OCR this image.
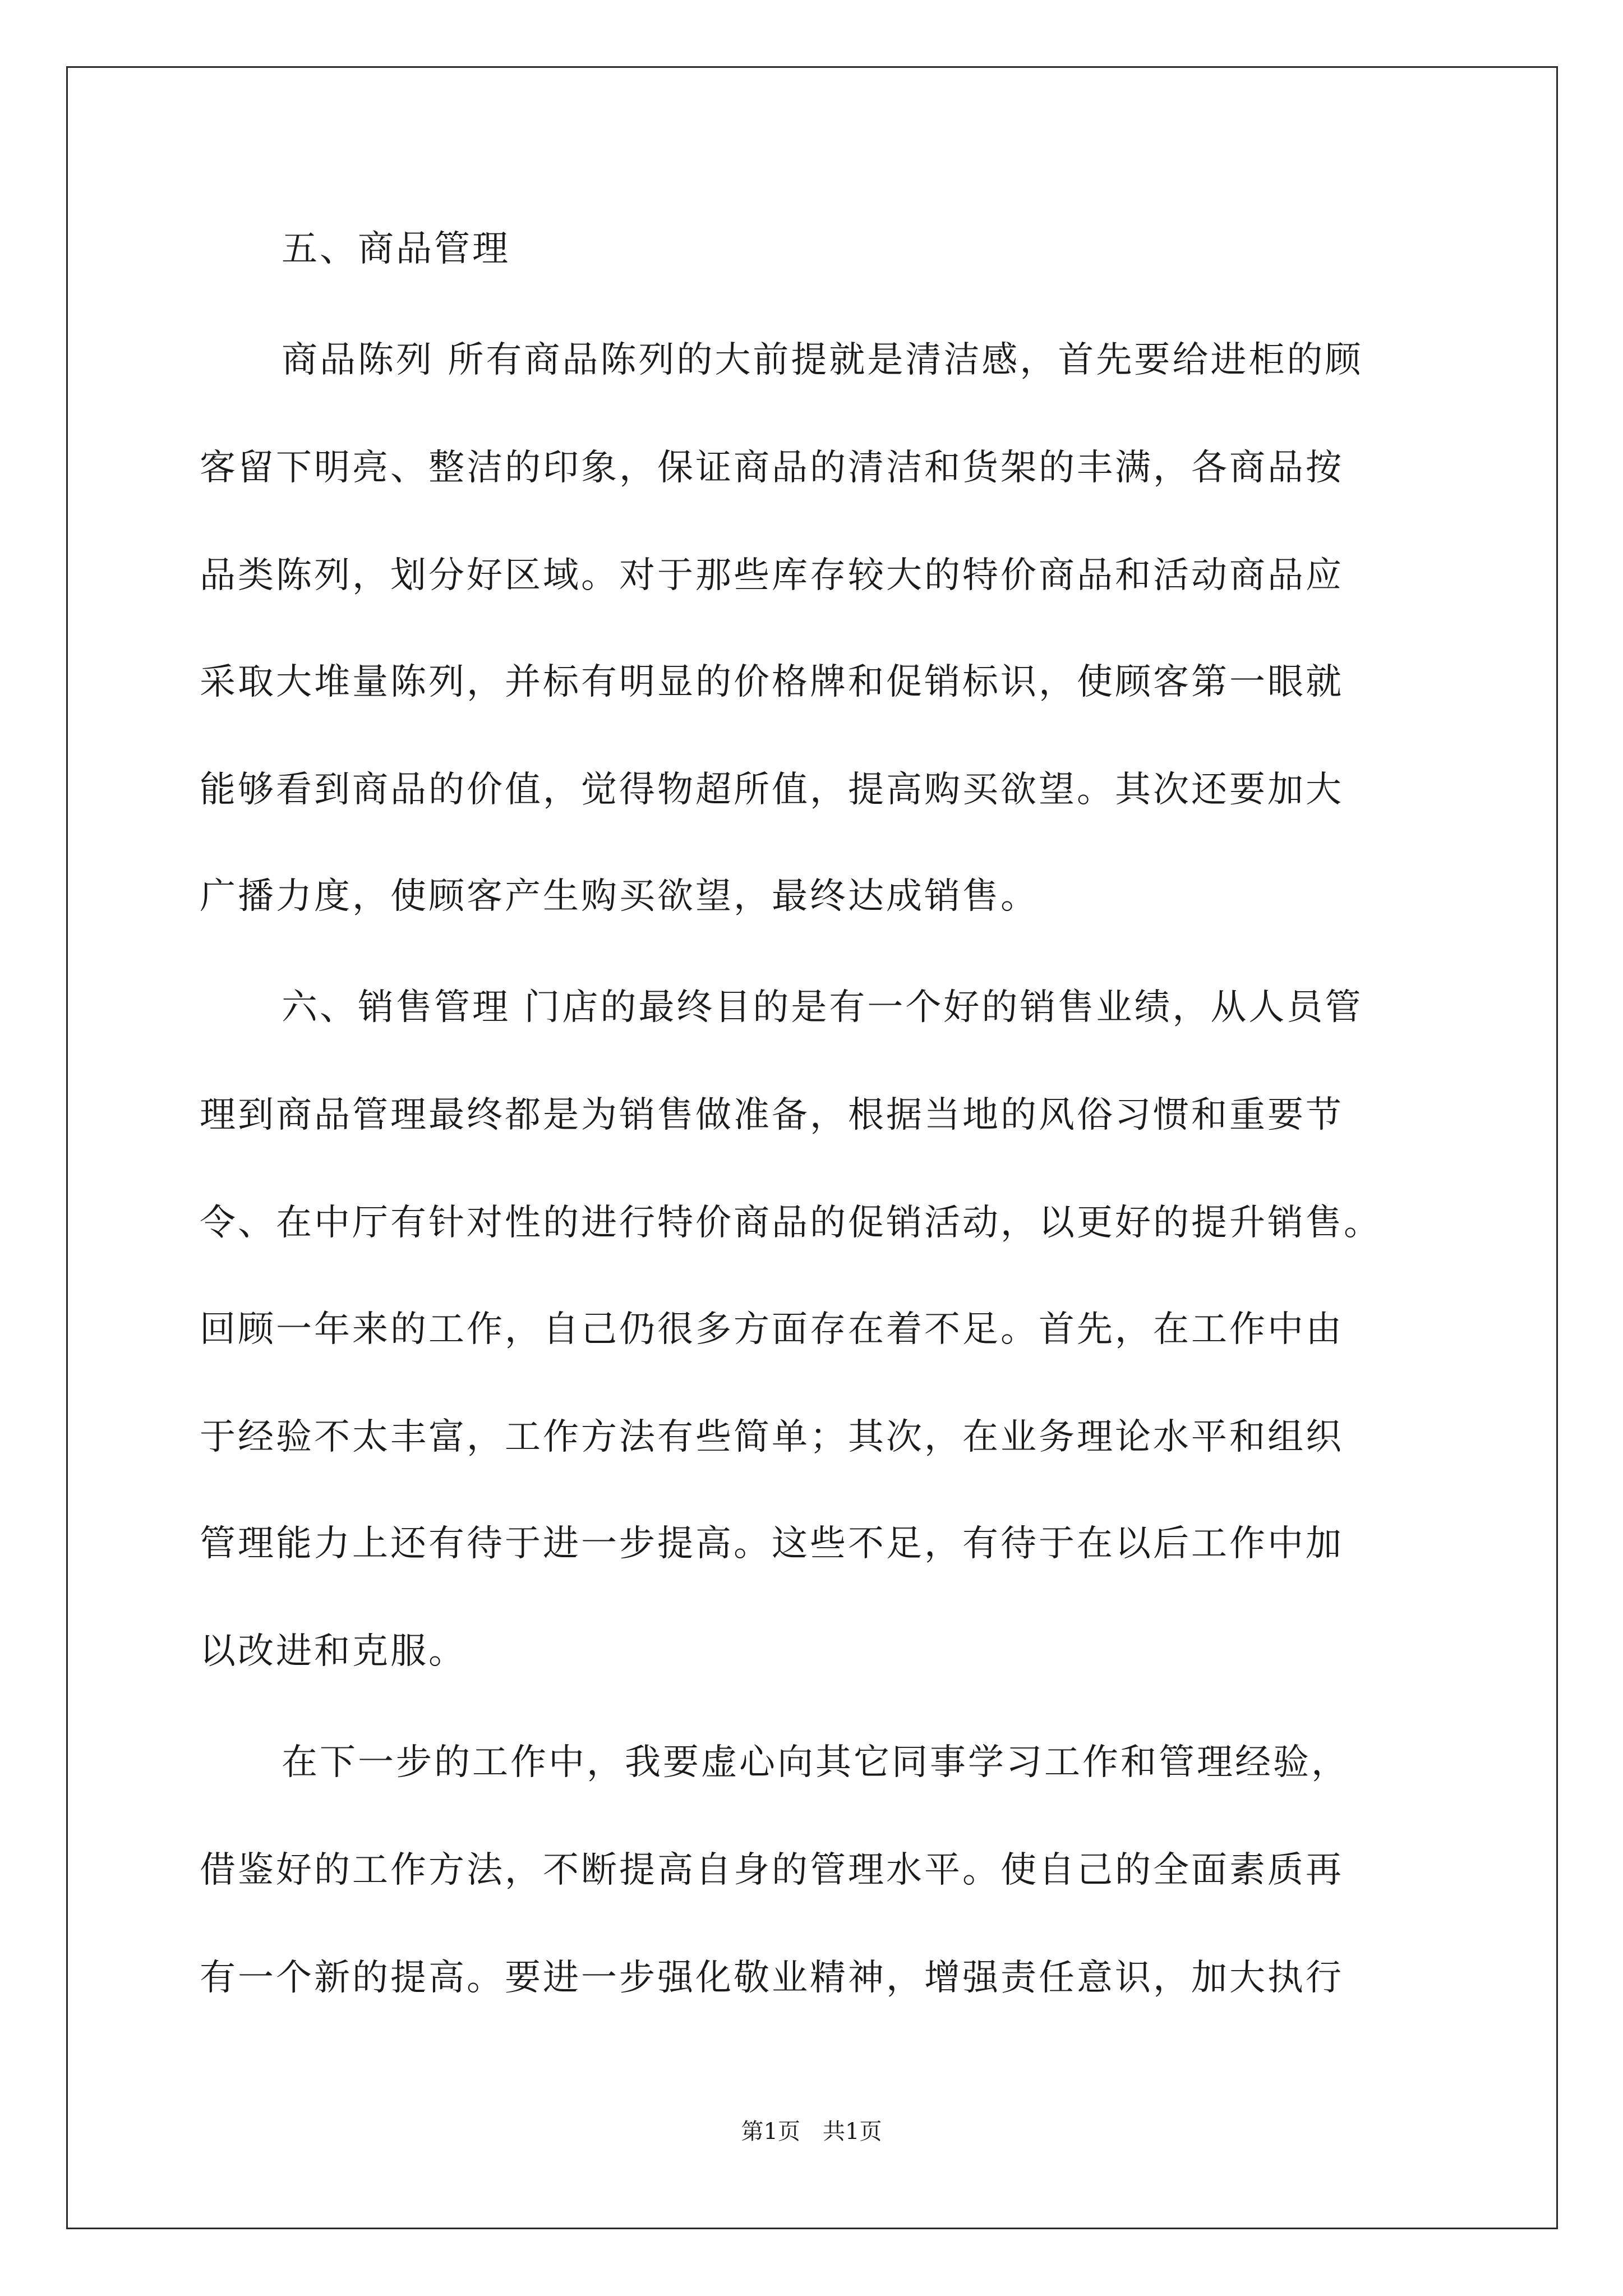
五、商品管理
商品陈列 所有商品陈列的大前提就是清洁感，首先要给进柜的顾
客留下明亮、整洁的印象，保证商品的清洁和货架的丰满，各商品按
品类陈列，划分好区域。对于那些库存较大的特价商品和活动商品应
采取大堆量陈列，并标有明显的价格牌和促销标识，使顾客第一眼就
能够看到商品的价值，觉得物超所值，提高购买欲望。其次还要加大
广播力度，使顾客产生购买欲望，最终达成销售。
六、销售管理 门店的最终目的是有一个好的销售业绩，从人员管
理到商品管理最终都是为销售做准备，根据当地的风俗习惯和重要节
令、在中厅有针对性的进行特价商品的促销活动，以更好的提升销售。
回顾一年来的工作，自己仍很多方面存在着不足。首先，在工作中由
于经验不太丰富，工作方法有些简单；其次，在业务理论水平和组织
管理能力上还有待于进一步提高。这些不足，有待于在以后工作中加
以改进和克服。
在下一步的工作中，我要虚心向其它同事学习工作和管理经验，
借鉴好的工作方法，不断提高自身的管理水平。使自己的全面素质再
有一个新的提高。要进一步强化敬业精神，增强责任意识，加大执行
第1页　共1页
